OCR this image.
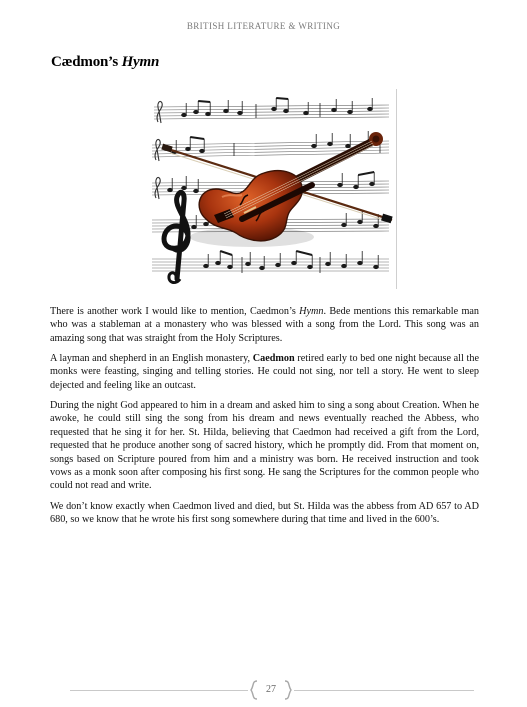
BRITISH LITERATURE & WRITING
Cædmon’s Hymn

There is another work I would like to mention, Caedmon’s Hymn. Bede mentions this remarkable man who was a stableman at a monastery who was blessed with a song from the Lord. This song was an amazing song that was straight from the Holy Scriptures.

A layman and shepherd in an English monastery, Caedmon retired early to bed one night because all the monks were feasting, singing and telling stories. He could not sing, nor tell a story. He went to sleep dejected and feeling like an outcast.

During the night God appeared to him in a dream and asked him to sing a song about Creation. When he awoke, he could still sing the song from his dream and news eventually reached the Abbess, who requested that he sing it for her. St. Hilda, believing that Caedmon had received a gift from the Lord, requested that he produce another song of sacred history, which he promptly did. From that moment on, songs based on Scripture poured from him and a ministry was born. He received instruction and took vows as a monk soon after composing his first song. He sang the Scriptures for the common people who could not read and write.

We don’t know exactly when Caedmon lived and died, but St. Hilda was the abbess from AD 657 to AD 680, so we know that he wrote his first song somewhere during that time and lived in the 600’s.

27
